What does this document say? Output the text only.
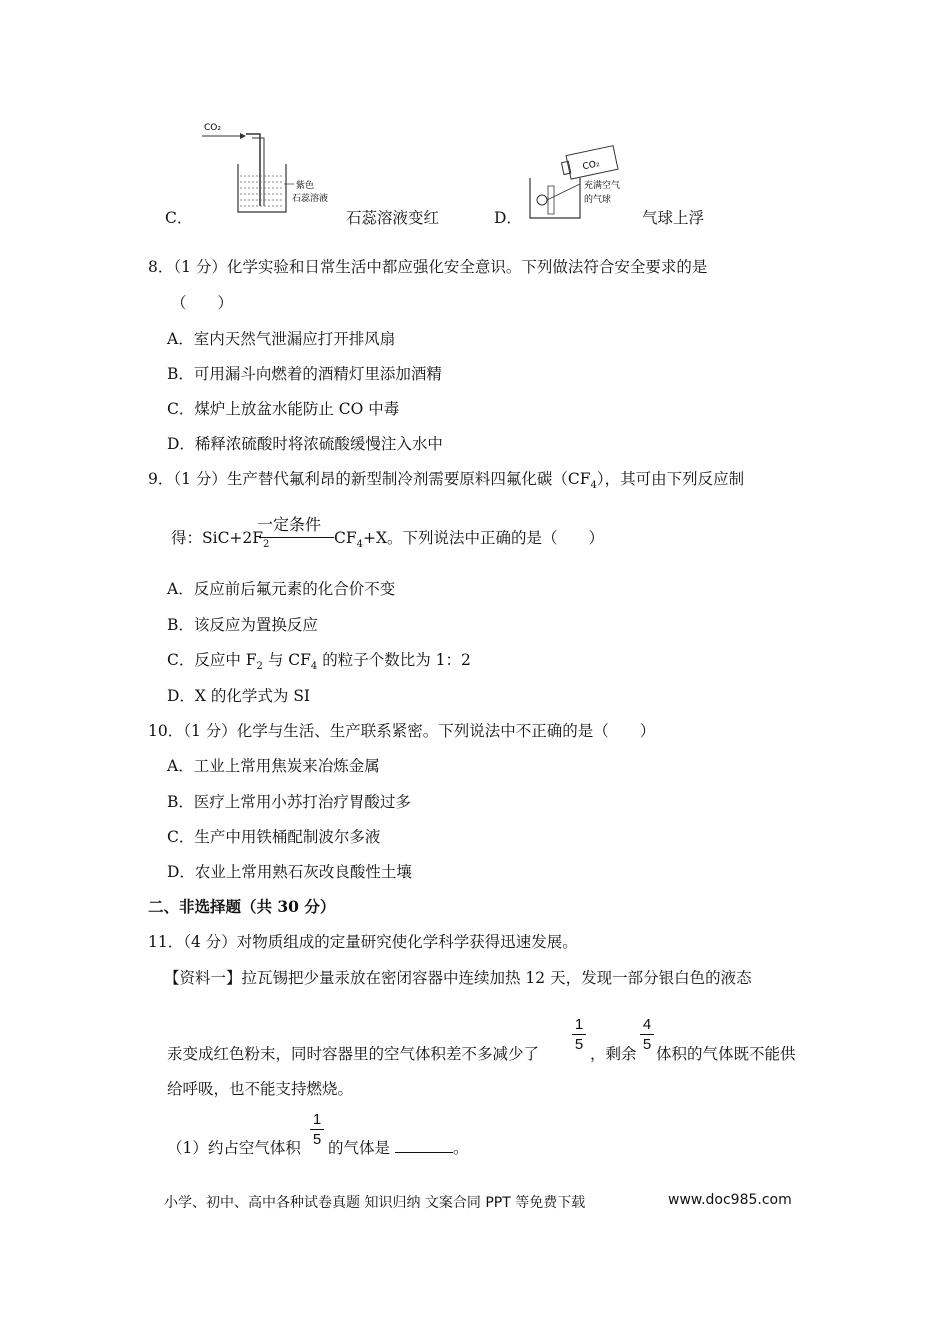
C．
CO₂
紫色
石蕊溶液
石蕊溶液变红	D．
CO₂
充满空气
的气球
气球上浮
8．（1 分）化学实验和日常生活中都应强化安全意识。下列做法符合安全要求的是
（　　）
A．室内天然气泄漏应打开排风扇
B．可用漏斗向燃着的酒精灯里添加酒精
C．煤炉上放盆水能防止 CO 中毒
D．稀释浓硫酸时将浓硫酸缓慢注入水中
9．（1 分）生产替代氟利昂的新型制冷剂需要原料四氟化碳$(CF_4)$，其可由下列反应制
一定条件
得：$SiC+2F_2$	$CF_4+X$。下列说法中正确的是（　　）
A．反应前后氟元素的化合价不变
B．该反应为置换反应
C．反应中 $F_2$ 与 $CF_4$ 的粒子个数比为 1：2
D．X 的化学式为 SI
10．（1 分）化学与生活、生产联系紧密。下列说法中不正确的是（　　）
A．工业上常用焦炭来冶炼金属
B．医疗上常用小苏打治疗胃酸过多
C．生产中用铁桶配制波尔多液
D．农业上常用熟石灰改良酸性土壤
二、非选择题（共 30 分）
11．（4 分）对物质组成的定量研究使化学科学获得迅速发展。
【资料一】拉瓦锡把少量汞放在密闭容器中连续加热 12 天，发现一部分银白色的液态
汞变成红色粉末，同时容器里的空气体积差不多减少了
1
5
，剩余
4
5
体积的气体既不能供
给呼吸，也不能支持燃烧。
（1）约占空气体积
1
5 的气体是	。
小学、初中、高中各种试卷真题 知识归纳 文案合同 PPT 等免费下载	www.doc985.com
